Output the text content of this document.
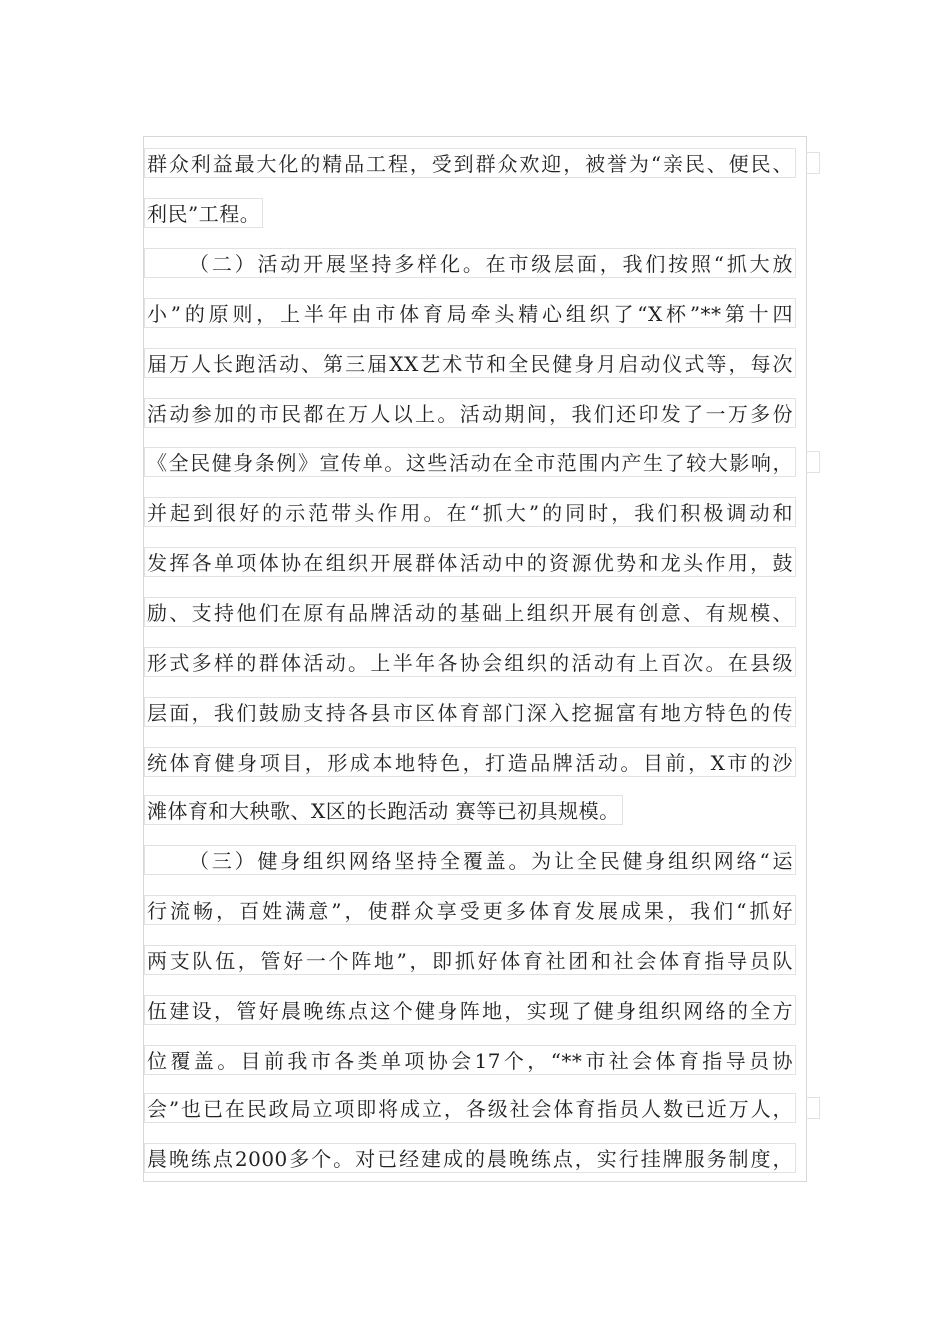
群众利益最大化的精品工程，受到群众欢迎，被誉为“亲民、便民、
利民”工程。
（二）活动开展坚持多样化。在市级层面，我们按照“抓大放
小”的原则，上半年由市体育局牵头精心组织了“X杯”**第十四
届万人长跑活动、第三届XX艺术节和全民健身月启动仪式等，每次
活动参加的市民都在万人以上。活动期间，我们还印发了一万多份
《全民健身条例》宣传单。这些活动在全市范围内产生了较大影响，
并起到很好的示范带头作用。在“抓大”的同时，我们积极调动和
发挥各单项体协在组织开展群体活动中的资源优势和龙头作用，鼓
励、支持他们在原有品牌活动的基础上组织开展有创意、有规模、
形式多样的群体活动。上半年各协会组织的活动有上百次。在县级
层面，我们鼓励支持各县市区体育部门深入挖掘富有地方特色的传
统体育健身项目，形成本地特色，打造品牌活动。目前，X市的沙
滩体育和大秧歌、X区的长跑活动 赛等已初具规模。
（三）健身组织网络坚持全覆盖。为让全民健身组织网络“运
行流畅，百姓满意”，使群众享受更多体育发展成果，我们“抓好
两支队伍，管好一个阵地”，即抓好体育社团和社会体育指导员队
伍建设，管好晨晚练点这个健身阵地，实现了健身组织网络的全方
位覆盖。目前我市各类单项协会17个，“**市社会体育指导员协
会”也已在民政局立项即将成立，各级社会体育指员人数已近万人，
晨晚练点2000多个。对已经建成的晨晚练点，实行挂牌服务制度，
